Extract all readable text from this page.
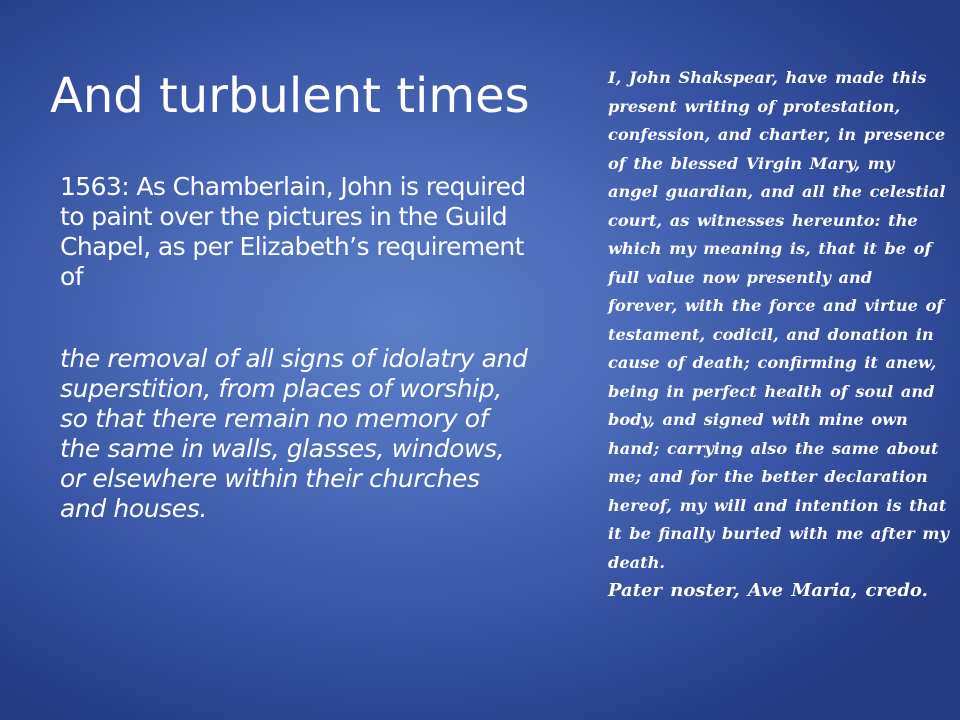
And turbulent times

1563: As Chamberlain, John is required to paint over the pictures in the Guild Chapel, as per Elizabeth’s requirement of

the removal of all signs of idolatry and superstition, from places of worship, so that there remain no memory of the same in walls, glasses, windows, or elsewhere within their churches and houses.

I, John Shakspear, have made this
present writing of protestation,
confession, and charter, in presence
of the blessed Virgin Mary, my
angel guardian, and all the celestial
court, as witnesses hereunto: the
which my meaning is, that it be of
full value now presently and
forever, with the force and virtue of
testament, codicil, and donation in
cause of death; confirming it anew,
being in perfect health of soul and
body, and signed with mine own
hand; carrying also the same about
me; and for the better declaration
hereof, my will and intention is that
it be finally buried with me after my
death.
Pater noster, Ave Maria, credo.
